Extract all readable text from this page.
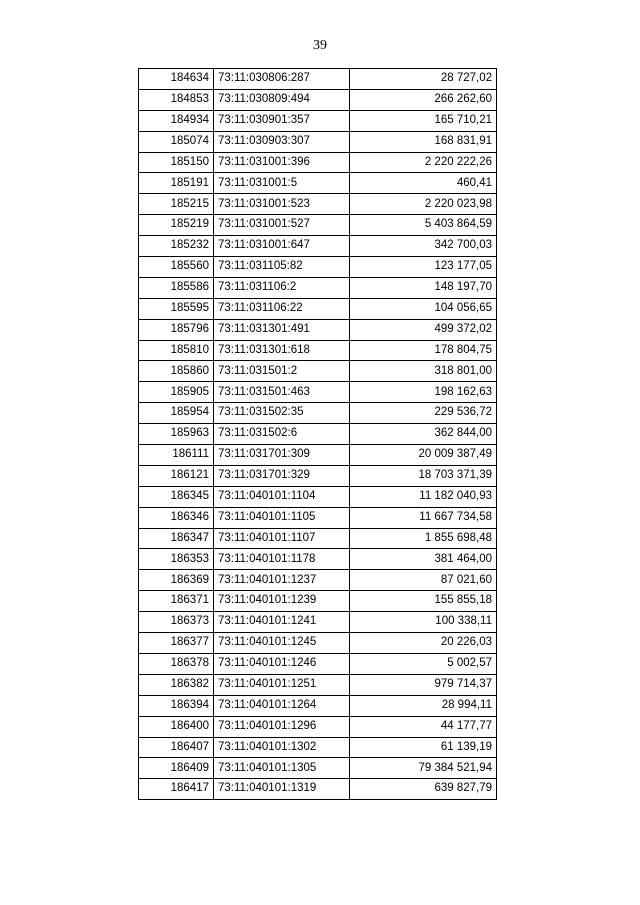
39
184634	73:11:030806:287	28 727,02
184853	73:11:030809:494	266 262,60
184934	73:11:030901:357	165 710,21
185074	73:11:030903:307	168 831,91
185150	73:11:031001:396	2 220 222,26
185191	73:11:031001:5	460,41
185215	73:11:031001:523	2 220 023,98
185219	73:11:031001:527	5 403 864,59
185232	73:11:031001:647	342 700,03
185560	73:11:031105:82	123 177,05
185586	73:11:031106:2	148 197,70
185595	73:11:031106:22	104 056,65
185796	73:11:031301:491	499 372,02
185810	73:11:031301:618	178 804,75
185860	73:11:031501:2	318 801,00
185905	73:11:031501:463	198 162,63
185954	73:11:031502:35	229 536,72
185963	73:11:031502:6	362 844,00
186111	73:11:031701:309	20 009 387,49
186121	73:11:031701:329	18 703 371,39
186345	73:11:040101:1104	11 182 040,93
186346	73:11:040101:1105	11 667 734,58
186347	73:11:040101:1107	1 855 698,48
186353	73:11:040101:1178	381 464,00
186369	73:11:040101:1237	87 021,60
186371	73:11:040101:1239	155 855,18
186373	73:11:040101:1241	100 338,11
186377	73:11:040101:1245	20 226,03
186378	73:11:040101:1246	5 002,57
186382	73:11:040101:1251	979 714,37
186394	73:11:040101:1264	28 994,11
186400	73:11:040101:1296	44 177,77
186407	73:11:040101:1302	61 139,19
186409	73:11:040101:1305	79 384 521,94
186417	73:11:040101:1319	639 827,79
